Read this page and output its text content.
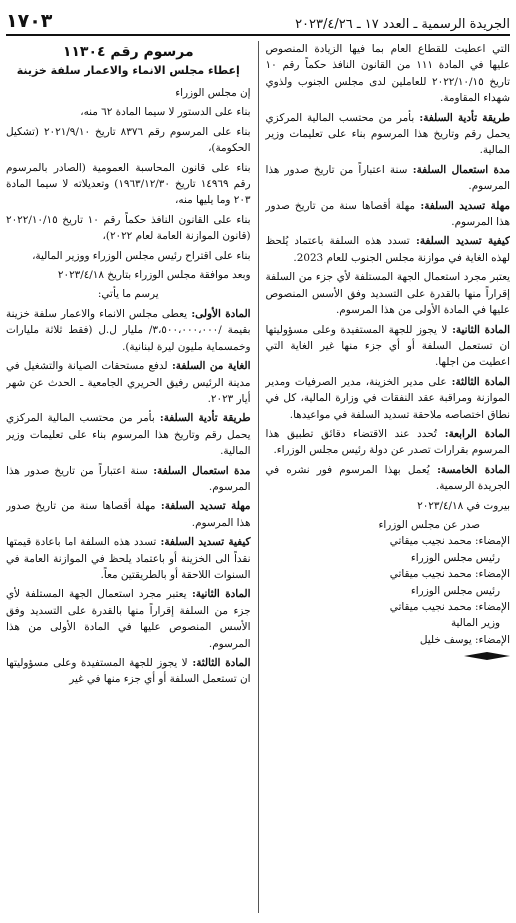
الجريدة الرسمية ـ العدد ١٧ ـ ٢٠٢٣/٤/٢٦
١٧٠٣

التي اعطيت للقطاع العام بما فيها الزيادة المنصوص عليها في المادة ١١١ من القانون النافذ حكماً رقم ١٠ تاريخ ٢٠٢٢/١٠/١٥ للعاملين لدى مجلس الجنوب ولذوي شهداء المقاومة.

طريقة تأدية السلفة: بأمر من محتسب المالية المركزي يحمل رقم وتاريخ هذا المرسوم بناء على تعليمات وزير المالية.

مدة استعمال السلفة: سنة اعتباراً من تاريخ صدور هذا المرسوم.

مهلة تسديد السلفة: مهلة أقصاها سنة من تاريخ صدور هذا المرسوم.

كيفية تسديد السلفة: تسدد هذه السلفة باعتماد يُلحظ لهذه الغاية في موازنة مجلس الجنوب للعام 2023.

يعتبر مجرد استعمال الجهة المستلفة لأي جزء من السلفة إقراراً منها بالقدرة على التسديد وفق الأسس المنصوص عليها في المادة الأولى من هذا المرسوم.

المادة الثانية: لا يجوز للجهة المستفيدة وعلى مسؤوليتها ان تستعمل السلفة أو أي جزء منها غير الغاية التي اعطيت من اجلها.

المادة الثالثة: على مدير الخزينة، مدير الصرفيات ومدير الموازنة ومراقبة عقد النفقات في وزارة المالية، كل في نطاق اختصاصه ملاحقة تسديد السلفة في مواعيدها.

المادة الرابعة: تُحدد عند الاقتضاء دقائق تطبيق هذا المرسوم بقرارات تصدر عن دولة رئيس مجلس الوزراء.

المادة الخامسة: يُعمل بهذا المرسوم فور نشره في الجريدة الرسمية.

بيروت في ٢٠٢٣/٤/١٨

صدر عن مجلس الوزراء
الإمضاء: محمد نجيب ميقاتي
رئيس مجلس الوزراء
الإمضاء: محمد نجيب ميقاتي
رئيس مجلس الوزراء
الإمضاء: محمد نجيب ميقاتي
وزير المالية
الإمضاء: يوسف خليل
مرسوم رقم ١١٣٠٤
إعطاء مجلس الانماء والاعمار سلفة خزينة

إن مجلس الوزراء

بناء على الدستور لا سيما المادة ٦٢ منه،

بناء على المرسوم رقم ٨٣٧٦ تاريخ ٢٠٢١/٩/١٠ (تشكيل الحكومة)،

بناء على قانون المحاسبة العمومية (الصادر بالمرسوم رقم ١٤٩٦٩ تاريخ ١٩٦٣/١٢/٣٠) وتعديلاته لا سيما المادة ٢٠٣ وما يليها منه،

بناء على القانون النافذ حكماً رقم ١٠ تاريخ ٢٠٢٢/١٠/١٥ (قانون الموازنة العامة لعام ٢٠٢٢)،

بناء على اقتراح رئيس مجلس الوزراء ووزير المالية،

وبعد موافقة مجلس الوزراء بتاريخ ٢٠٢٣/٤/١٨

يرسم ما يأتي:

المادة الأولى: يعطى مجلس الانماء والاعمار سلفة خزينة بقيمة /٣،٥٠٠،٠٠٠،٠٠٠/ مليار ل.ل (فقط ثلاثة مليارات وخمسماية مليون ليرة لبنانية).

الغاية من السلفة: لدفع مستحقات الصيانة والتشغيل في مدينة الرئيس رفيق الحريري الجامعية ـ الحدث عن شهر أيار ٢٠٢٣.

طريقة تأدية السلفة: بأمر من محتسب المالية المركزي يحمل رقم وتاريخ هذا المرسوم بناء على تعليمات وزير المالية.

مدة استعمال السلفة: سنة اعتباراً من تاريخ صدور هذا المرسوم.

مهلة تسديد السلفة: مهلة أقصاها سنة من تاريخ صدور هذا المرسوم.

كيفية تسديد السلفة: تسدد هذه السلفة اما باعادة قيمتها نقداً الى الخزينة أو باعتماد يلحظ في الموازنة العامة في السنوات اللاحقة أو بالطريقتين معاً.

المادة الثانية: يعتبر مجرد استعمال الجهة المستلفة لأي جزء من السلفة إقراراً منها بالقدرة على التسديد وفق الأسس المنصوص عليها في المادة الأولى من هذا المرسوم.

المادة الثالثة: لا يجوز للجهة المستفيدة وعلى مسؤوليتها ان تستعمل السلفة أو أي جزء منها في غير
